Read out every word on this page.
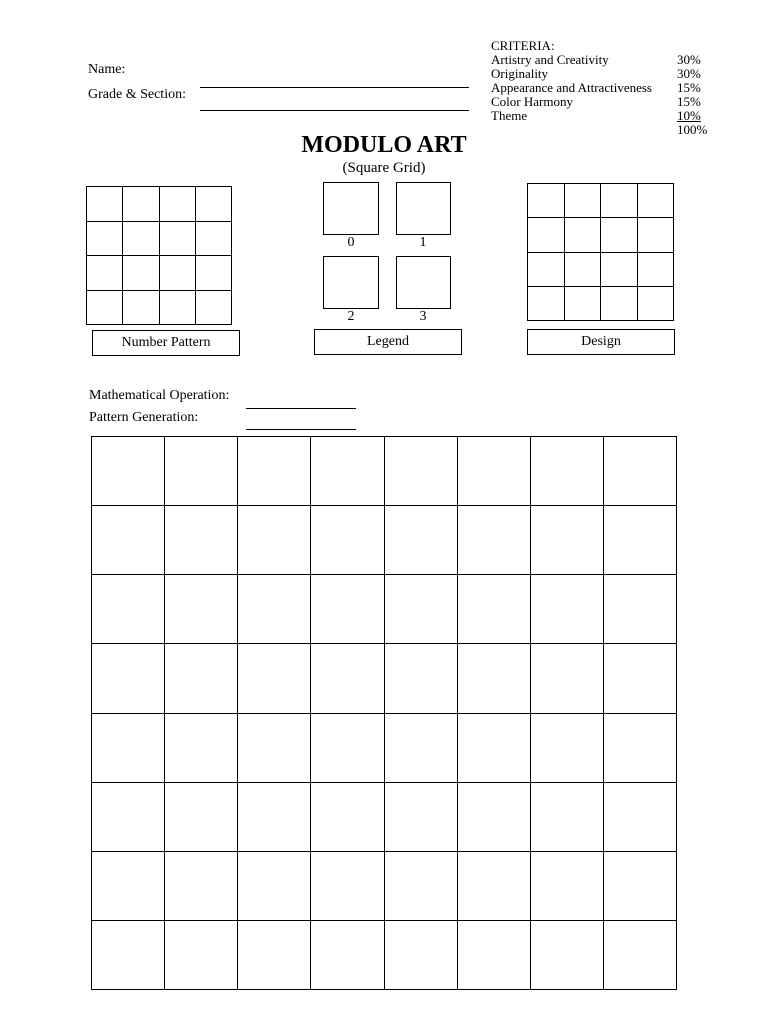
Name:
Grade & Section:
CRITERIA:
Artistry and Creativity	30%
Originality	30%
Appearance and Attractiveness 15%
Color Harmony	15%
Theme	10%
100%
MODULO ART
(Square Grid)
Number Pattern
0	1
2	3
Legend	Design
Mathematical Operation:
Pattern Generation:
